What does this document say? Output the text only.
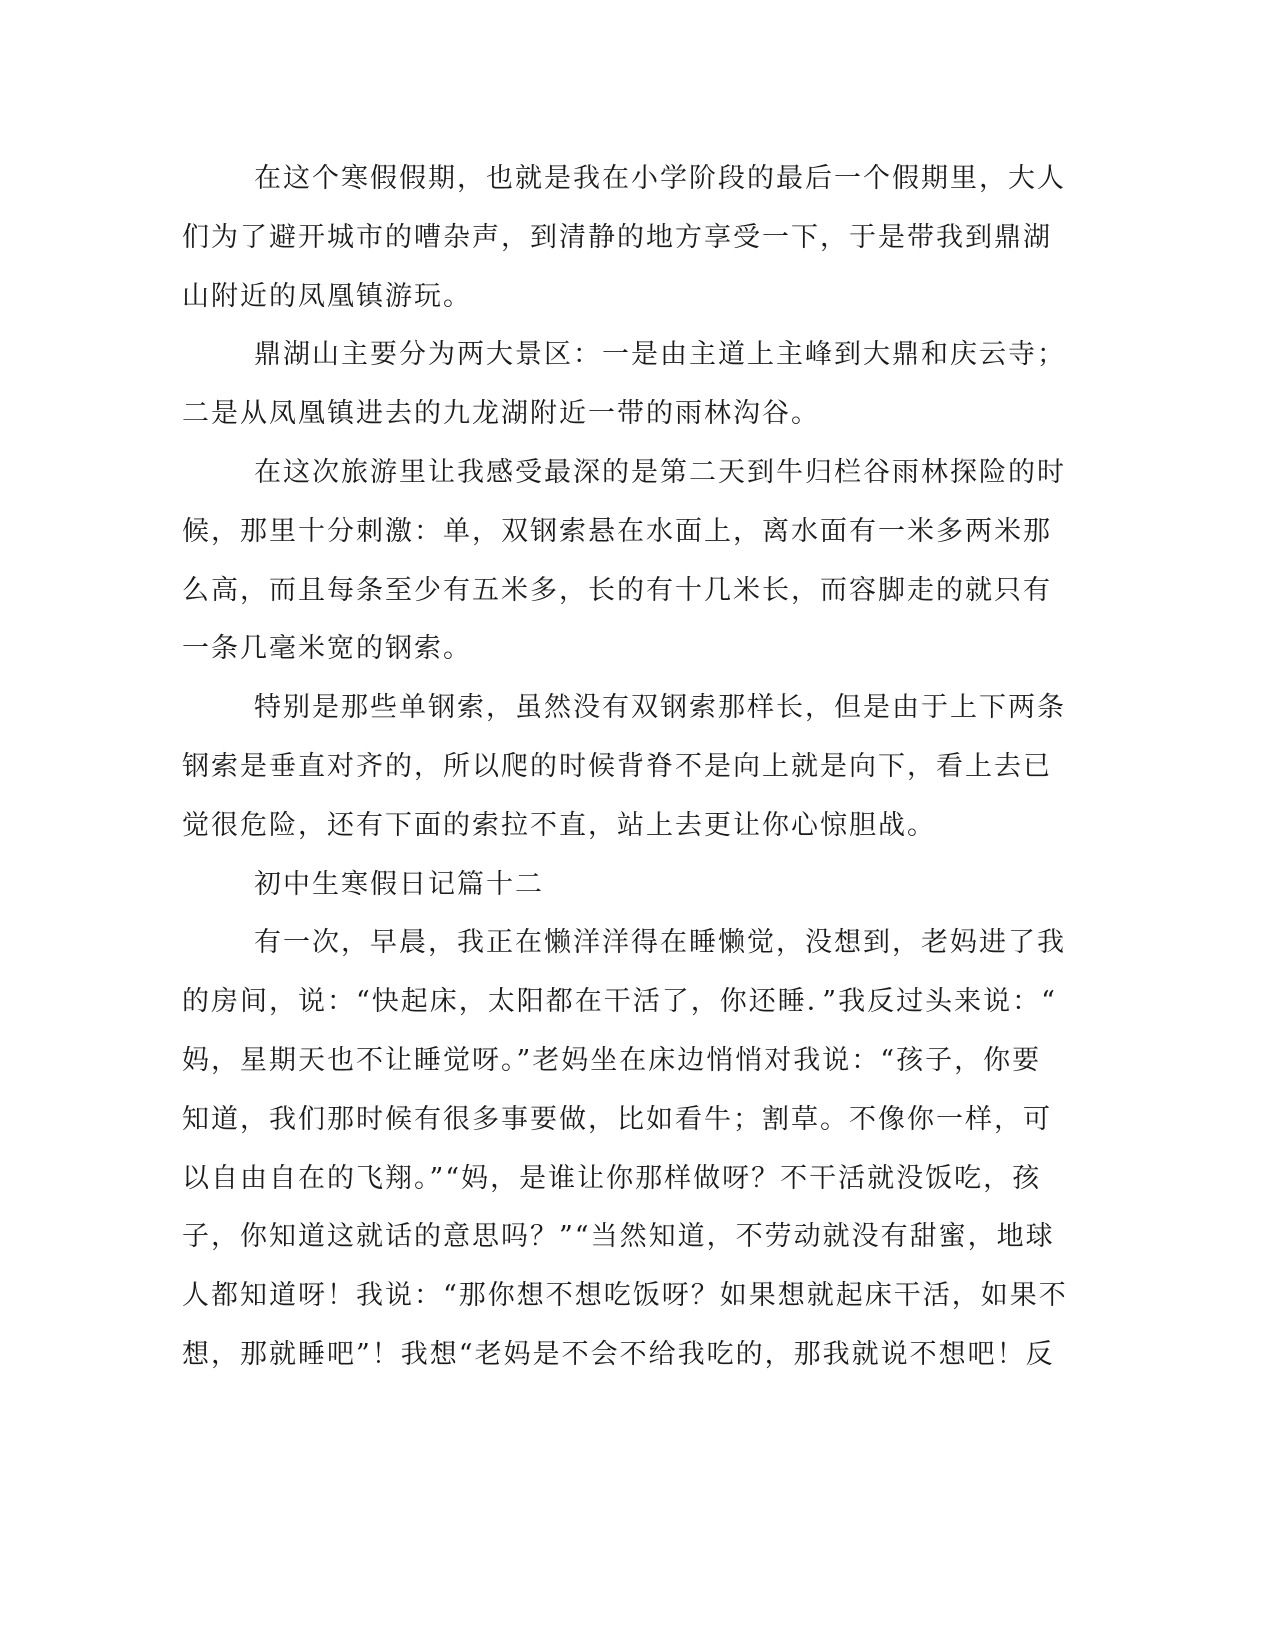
在这个寒假假期，也就是我在小学阶段的最后一个假期里，大人
们为了避开城市的嘈杂声，到清静的地方享受一下，于是带我到鼎湖
山附近的凤凰镇游玩。
鼎湖山主要分为两大景区：一是由主道上主峰到大鼎和庆云寺；
二是从凤凰镇进去的九龙湖附近一带的雨林沟谷。
在这次旅游里让我感受最深的是第二天到牛归栏谷雨林探险的时
候，那里十分刺激：单，双钢索悬在水面上，离水面有一米多两米那
么高，而且每条至少有五米多，长的有十几米长，而容脚走的就只有
一条几毫米宽的钢索。
特别是那些单钢索，虽然没有双钢索那样长，但是由于上下两条
钢索是垂直对齐的，所以爬的时候背脊不是向上就是向下，看上去已
觉很危险，还有下面的索拉不直，站上去更让你心惊胆战。
初中生寒假日记篇十二
有一次，早晨，我正在懒洋洋得在睡懒觉，没想到，老妈进了我
的房间，说：“快起床，太阳都在干活了，你还睡．”我反过头来说：“
妈，星期天也不让睡觉呀。”老妈坐在床边悄悄对我说：“孩子，你要
知道，我们那时候有很多事要做，比如看牛；割草。不像你一样，可
以自由自在的飞翔。”“妈，是谁让你那样做呀？不干活就没饭吃，孩
子，你知道这就话的意思吗？”“当然知道，不劳动就没有甜蜜，地球
人都知道呀！我说：“那你想不想吃饭呀？如果想就起床干活，如果不
想，那就睡吧”！我想“老妈是不会不给我吃的，那我就说不想吧！反
